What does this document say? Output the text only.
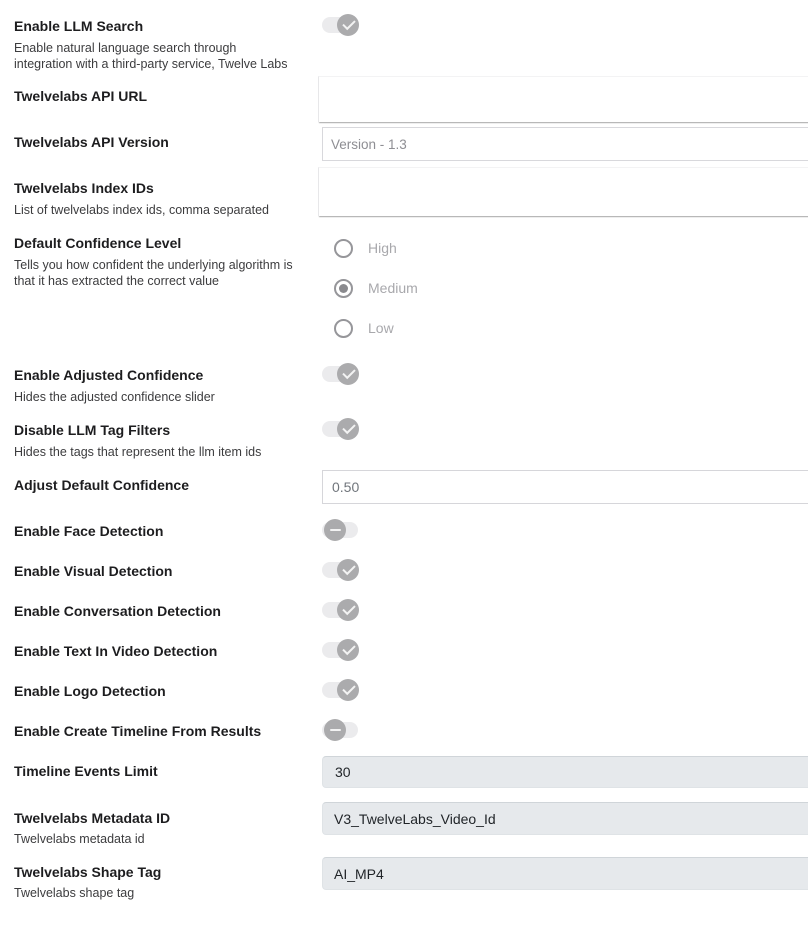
Enable LLM Search
Enable natural language search through
integration with a third-party service, Twelve Labs
Twelvelabs API URL
Twelvelabs API Version	Version - 1.3
Twelvelabs Index IDs
List of twelvelabs index ids, comma separated
Default Confidence Level
Tells you how confident the underlying algorithm is
that it has extracted the correct value
High
Medium
Low
Enable Adjusted Confidence
Hides the adjusted confidence slider
Disable LLM Tag Filters
Hides the tags that represent the llm item ids
Adjust Default Confidence
0.50
Enable Face Detection
Enable Visual Detection
Enable Conversation Detection
Enable Text In Video Detection
Enable Logo Detection
Enable Create Timeline From Results
Timeline Events Limit
30
Twelvelabs Metadata ID
Twelvelabs metadata id
V3_TwelveLabs_Video_Id
Twelvelabs Shape Tag
Twelvelabs shape tag
AI_MP4
